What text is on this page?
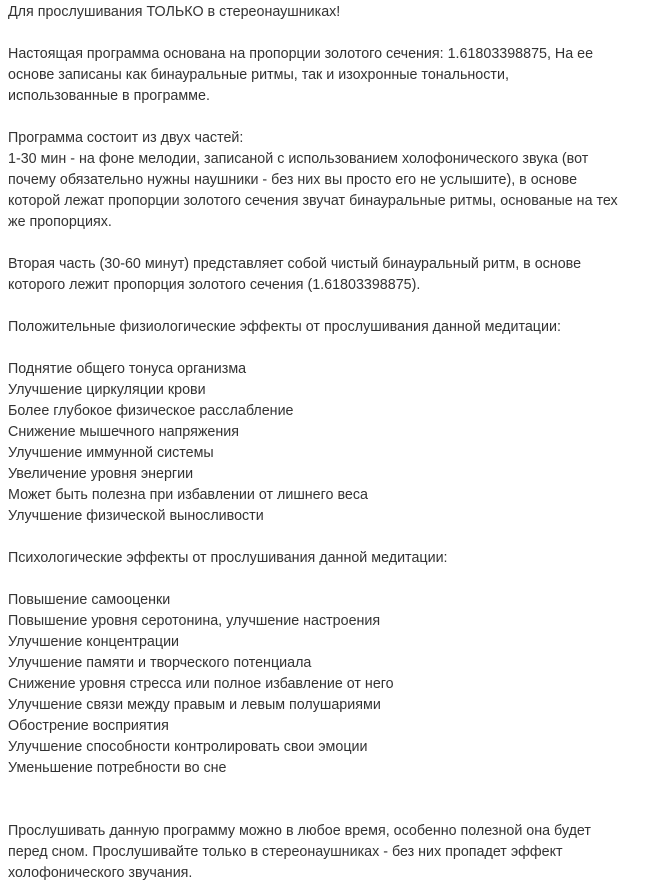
Для прослушивания ТОЛЬКО в стереонаушниках!
Настоящая программа основана на пропорции золотого сечения: 1.61803398875, На ее
основе записаны как бинауральные ритмы, так и изохронные тональности,
использованные в программе.
Программа состоит из двух частей:
1-30 мин - на фоне мелодии, записаной с использованием холофонического звука (вот
почему обязательно нужны наушники - без них вы просто его не услышите), в основе
которой лежат пропорции золотого сечения звучат бинауральные ритмы, основаные на тех
же пропорциях.
Вторая часть (30-60 минут) представляет собой чистый бинауральный ритм, в основе
которого лежит пропорция золотого сечения (1.61803398875).
Положительные физиологические эффекты от прослушивания данной медитации:
Поднятие общего тонуса организма
Улучшение циркуляции крови
Более глубокое физическое расслабление
Снижение мышечного напряжения
Улучшение иммунной системы
Увеличение уровня энергии
Может быть полезна при избавлении от лишнего веса
Улучшение физической выносливости
Психологические эффекты от прослушивания данной медитации:
Повышение самооценки
Повышение уровня серотонина, улучшение настроения
Улучшение концентрации
Улучшение памяти и творческого потенциала
Снижение уровня стресса или полное избавление от него
Улучшение связи между правым и левым полушариями
Обострение восприятия
Улучшение способности контролировать свои эмоции
Уменьшение потребности во сне
Прослушивать данную программу можно в любое время, особенно полезной она будет
перед сном. Прослушивайте только в стереонаушниках - без них пропадет эффект
холофонического звучания.
